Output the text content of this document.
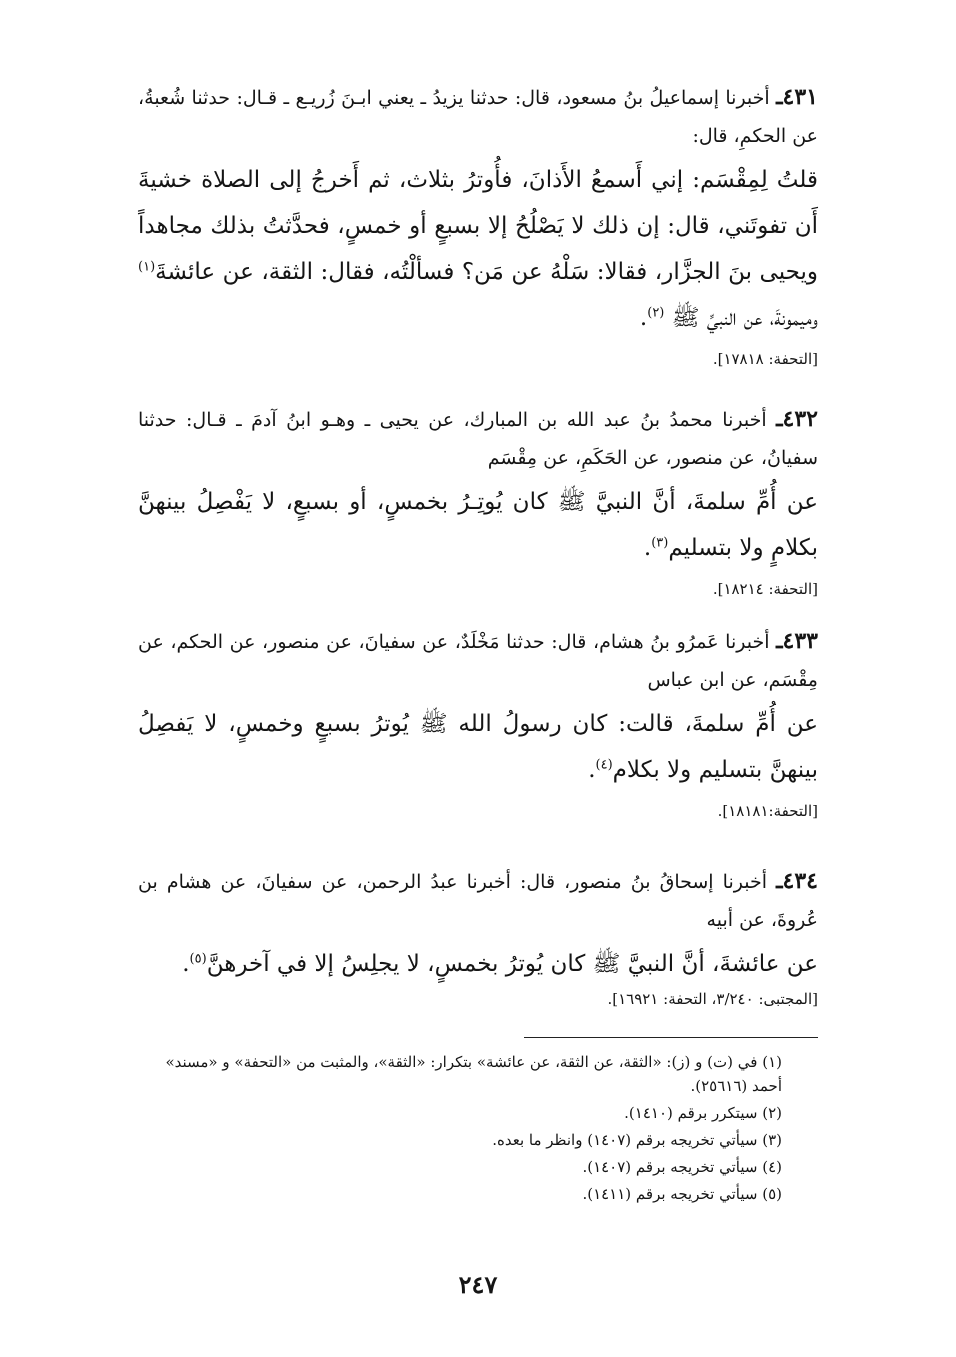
٤٣١ـ أخبرنا إسماعيلُ بنُ مسعود، قال: حدثنا يزيدُ ـ يعني ابـنَ زُريـع ـ قـال: حدثنا شُعبةُ، عن الحكمِ، قال:
قلتُ لِمِقْسَم: إني أَسمعُ الأَذانَ، فأُوترُ بثلاث، ثم أَخرجُ إلى الصلاة خشيةَ أَن تفوتَني، قال: إن ذلك لا يَصْلُحُ إلا بسبعٍ أو خمسٍ، فحدَّثتُ بذلك مجاهداً ويحيى بنَ الجزَّار، فقالا: سَلْهُ عن مَن؟ فسألْتُه، فقال: الثقة، عن عائشةَ$^{(١)}$ وميمونةَ، عن النبيِّ ﷺ $^{(٢)}$.
[التحفة: ١٧٨١٨].
٤٣٢ـ أخبرنا محمدُ بنُ عبد الله بن المبارك، عن يحيى ـ وهـو ابنُ آدمَ ـ قـال: حدثنا سفيانُ، عن منصور، عن الحَكَمِ، عن مِقْسَم
عن أُمِّ سلمةَ، أنَّ النبيَّ ﷺ كان يُوتِـرُ بخمسٍ، أو بسبعٍ، لا يَفْصِلُ بينهنَّ بكلامٍ ولا بتسليم$^{(٣)}$.
[التحفة: ١٨٢١٤].
٤٣٣ـ أخبرنا عَمرُو بنُ هشام، قال: حدثنا مَخْلَدٌ، عن سفيانَ، عن منصور، عن الحكم، عن مِقْسَم، عن ابن عباس
عن أُمِّ سلمةَ، قالت: كان رسولُ الله ﷺ يُوترُ بسبعٍ وخمسٍ، لا يَفصِلُ بينهنَّ بتسليم ولا بكلام$^{(٤)}$.
[التحفة:١٨١٨١].
٤٣٤ـ أخبرنا إسحاقُ بنُ منصور، قال: أخبرنا عبدُ الرحمن، عن سفيانَ، عن هشام بن عُروةَ، عن أبيه
عن عائشةَ، أنَّ النبيَّ ﷺ كان يُوترُ بخمسٍ، لا يجلِسُ إلا في آخرهنَّ$^{(٥)}$.
[المجتبى: ٣/٢٤٠، التحفة: ١٦٩٢١].
(١) في (ت) و (ز): «الثقة، عن الثقة، عن عائشة» بتكرار: «الثقة»، والمثبت من «التحفة» و «مسند» أحمد (٢٥٦١٦).
(٢) سيتكرر برقم (١٤١٠).
(٣) سيأتي تخريجه برقم (١٤٠٧) وانظر ما بعده.
(٤) سيأتي تخريجه برقم (١٤٠٧).
(٥) سيأتي تخريجه برقم (١٤١١).
٢٤٧
